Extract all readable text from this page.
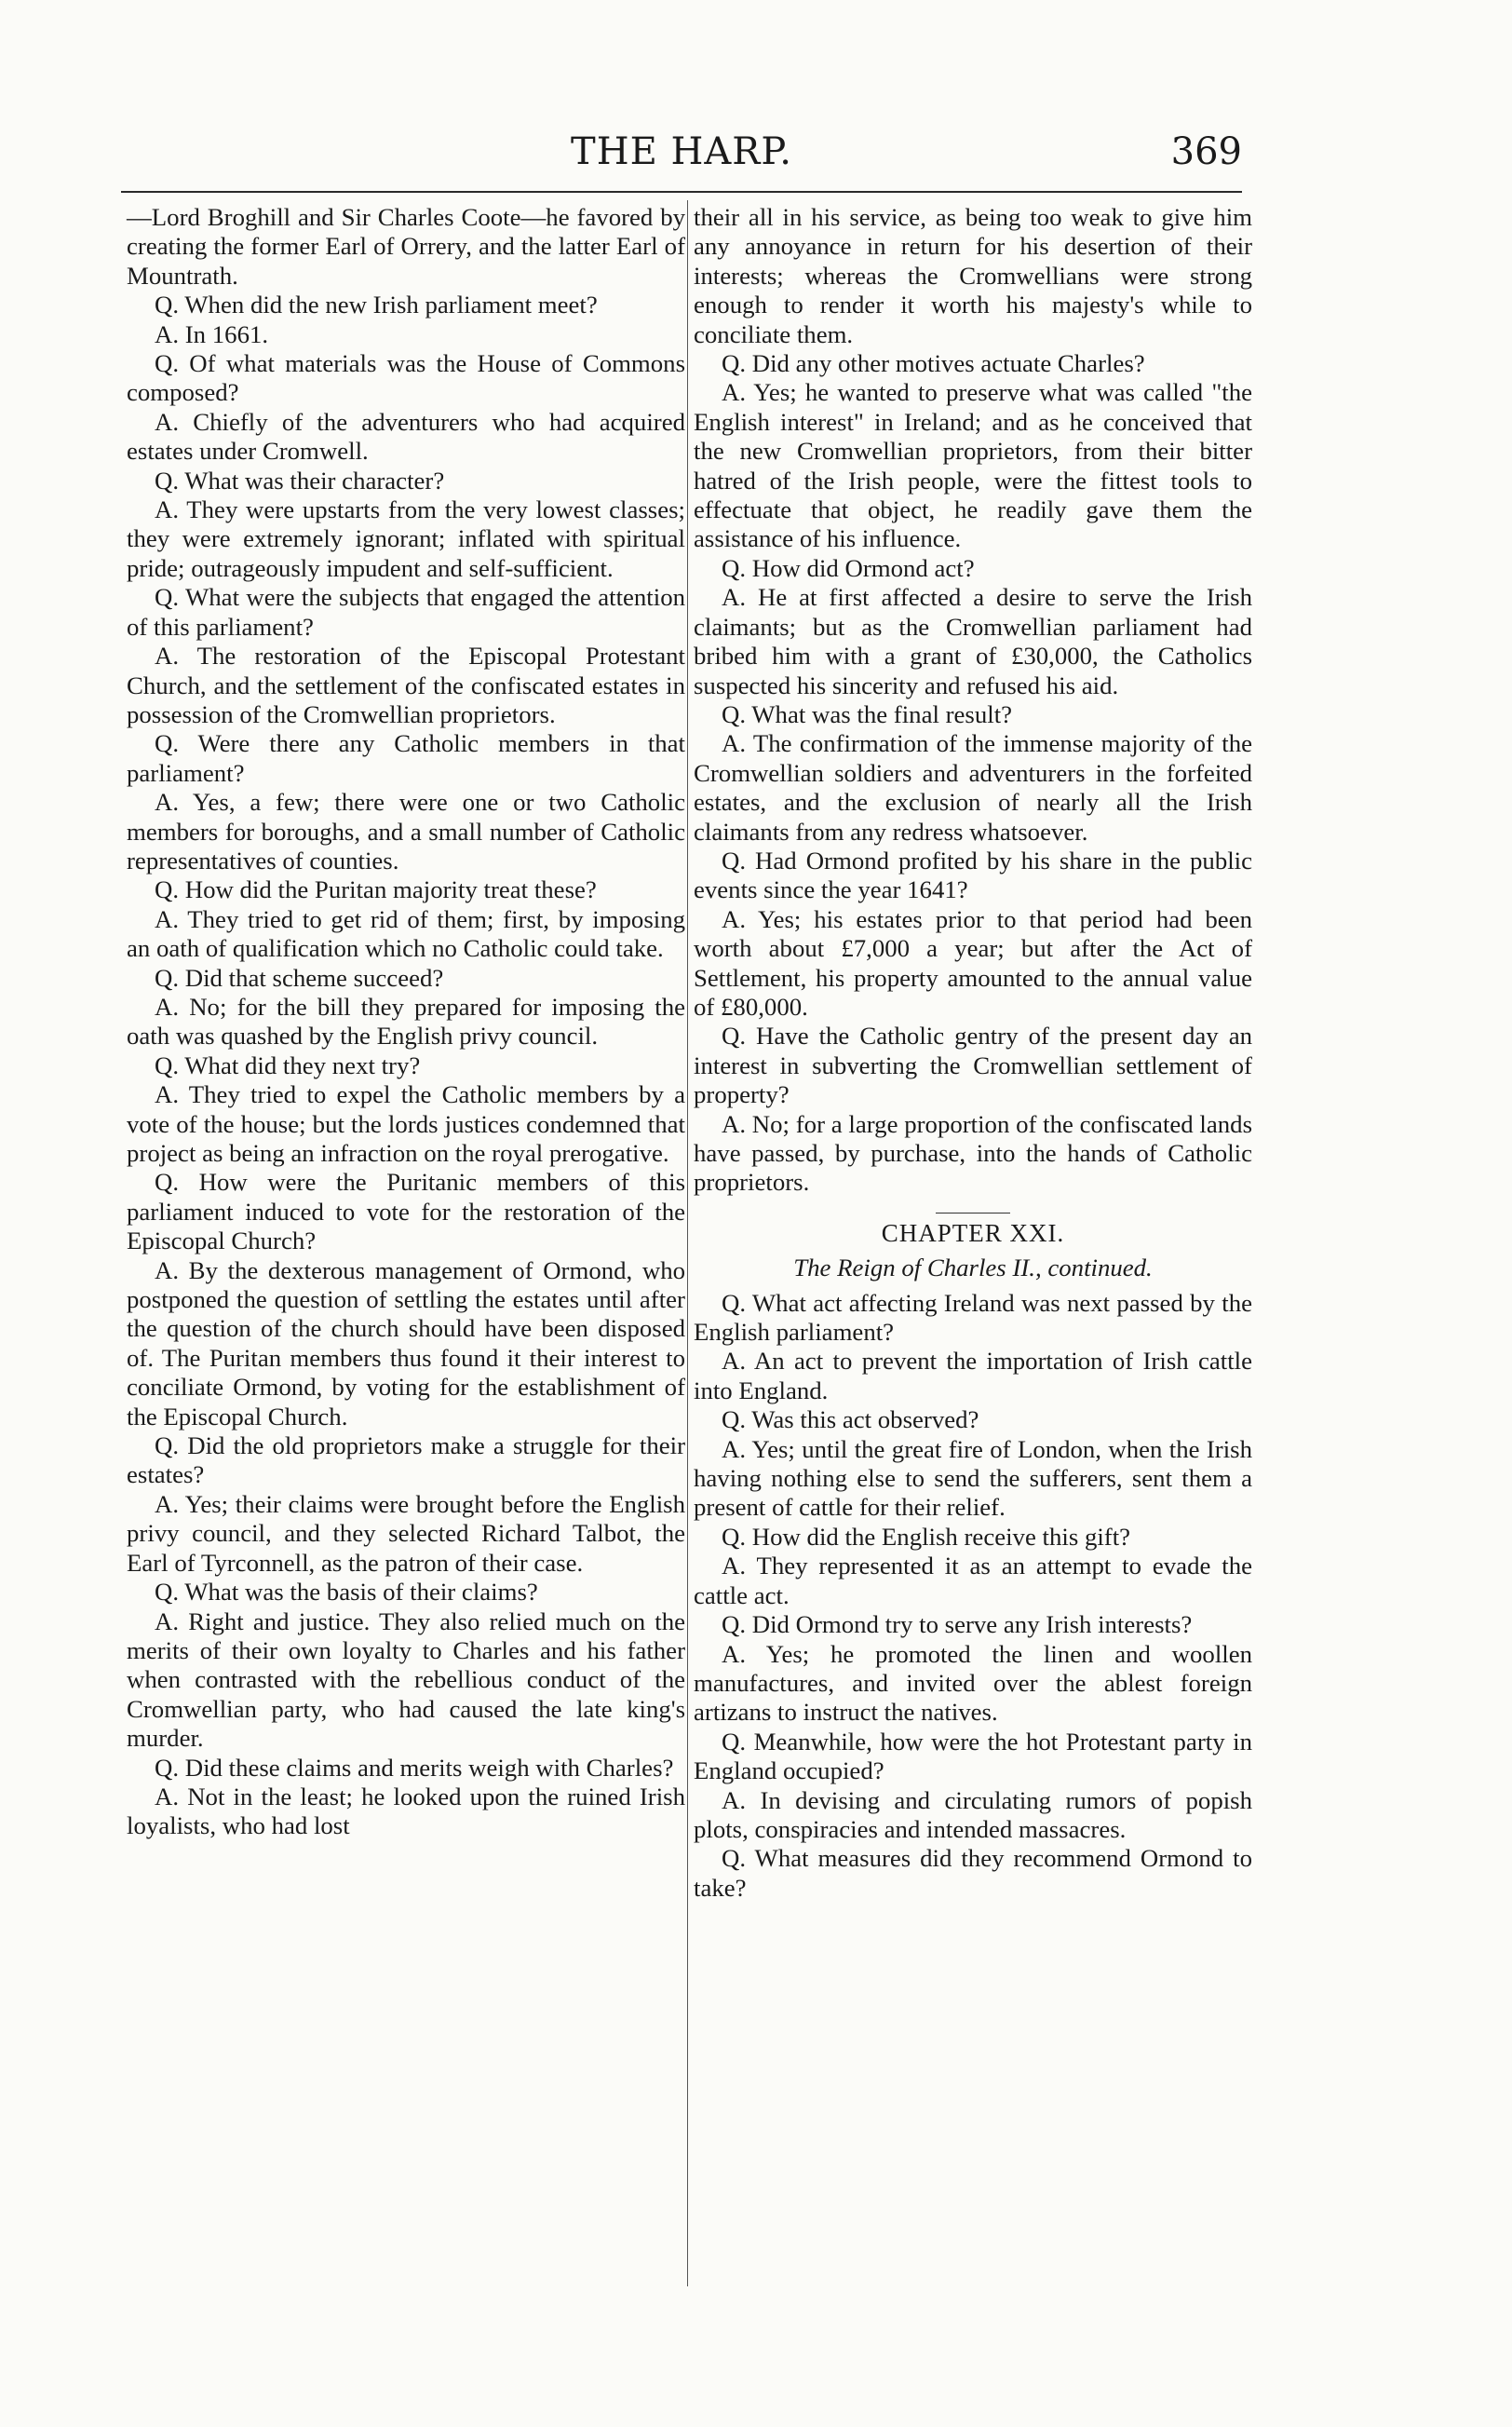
THE HARP.	369

—Lord Broghill and Sir Charles Coote—he favored by creating the former Earl of Orrery, and the latter Earl of Mountrath.

Q. When did the new Irish parliament meet?

A. In 1661.

Q. Of what materials was the House of Commons composed?

A. Chiefly of the adventurers who had acquired estates under Cromwell.

Q. What was their character?

A. They were upstarts from the very lowest classes; they were extremely ignorant; inflated with spiritual pride; outrageously impudent and self-sufficient.

Q. What were the subjects that engaged the attention of this parliament?

A. The restoration of the Episcopal Protestant Church, and the settlement of the confiscated estates in possession of the Cromwellian proprietors.

Q. Were there any Catholic members in that parliament?

A. Yes, a few; there were one or two Catholic members for boroughs, and a small number of Catholic representatives of counties.

Q. How did the Puritan majority treat these?

A. They tried to get rid of them; first, by imposing an oath of qualification which no Catholic could take.

Q. Did that scheme succeed?

A. No; for the bill they prepared for imposing the oath was quashed by the English privy council.

Q. What did they next try?

A. They tried to expel the Catholic members by a vote of the house; but the lords justices condemned that project as being an infraction on the royal prerogative.

Q. How were the Puritanic members of this parliament induced to vote for the restoration of the Episcopal Church?

A. By the dexterous management of Ormond, who postponed the question of settling the estates until after the question of the church should have been disposed of. The Puritan members thus found it their interest to conciliate Ormond, by voting for the establishment of the Episcopal Church.

Q. Did the old proprietors make a struggle for their estates?

A. Yes; their claims were brought before the English privy council, and they selected Richard Talbot, the Earl of Tyrconnell, as the patron of their case.

Q. What was the basis of their claims?

A. Right and justice. They also relied much on the merits of their own loyalty to Charles and his father when contrasted with the rebellious conduct of the Cromwellian party, who had caused the late king's murder.

Q. Did these claims and merits weigh with Charles?

A. Not in the least; he looked upon the ruined Irish loyalists, who had lost

their all in his service, as being too weak to give him any annoyance in return for his desertion of their interests; whereas the Cromwellians were strong enough to render it worth his majesty's while to conciliate them.

Q. Did any other motives actuate Charles?

A. Yes; he wanted to preserve what was called "the English interest" in Ireland; and as he conceived that the new Cromwellian proprietors, from their bitter hatred of the Irish people, were the fittest tools to effectuate that object, he readily gave them the assistance of his influence.

Q. How did Ormond act?

A. He at first affected a desire to serve the Irish claimants; but as the Cromwellian parliament had bribed him with a grant of £30,000, the Catholics suspected his sincerity and refused his aid.

Q. What was the final result?

A. The confirmation of the immense majority of the Cromwellian soldiers and adventurers in the forfeited estates, and the exclusion of nearly all the Irish claimants from any redress whatsoever.

Q. Had Ormond profited by his share in the public events since the year 1641?

A. Yes; his estates prior to that period had been worth about £7,000 a year; but after the Act of Settlement, his property amounted to the annual value of £80,000.

Q. Have the Catholic gentry of the present day an interest in subverting the Cromwellian settlement of property?

A. No; for a large proportion of the confiscated lands have passed, by purchase, into the hands of Catholic proprietors.

CHAPTER XXI.
The Reign of Charles II., continued.

Q. What act affecting Ireland was next passed by the English parliament?

A. An act to prevent the importation of Irish cattle into England.

Q. Was this act observed?

A. Yes; until the great fire of London, when the Irish having nothing else to send the sufferers, sent them a present of cattle for their relief.

Q. How did the English receive this gift?

A. They represented it as an attempt to evade the cattle act.

Q. Did Ormond try to serve any Irish interests?

A. Yes; he promoted the linen and woollen manufactures, and invited over the ablest foreign artizans to instruct the natives.

Q. Meanwhile, how were the hot Protestant party in England occupied?

A. In devising and circulating rumors of popish plots, conspiracies and intended massacres.

Q. What measures did they recommend Ormond to take?
